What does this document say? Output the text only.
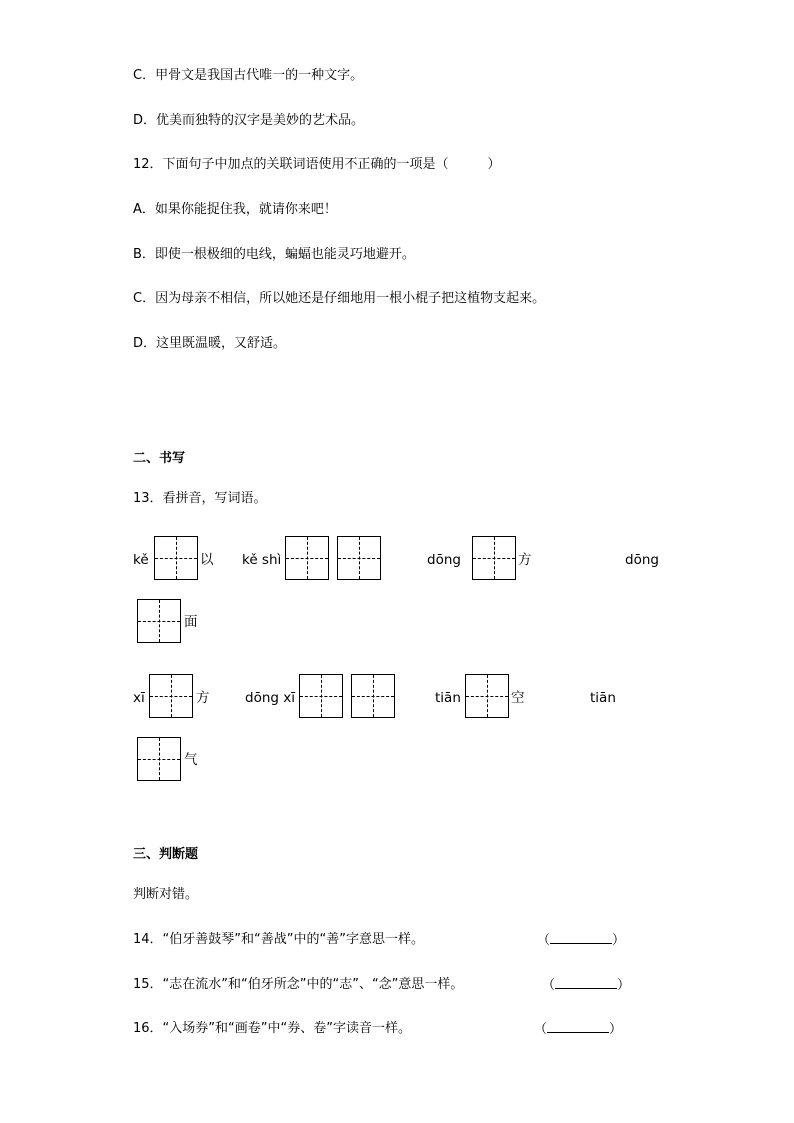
C．甲骨文是我国古代唯一的一种文字。
D．优美而独特的汉字是美妙的艺术品。
12．下面句子中加点的关联词语使用不正确的一项是（　　　）
A．如果你能捉住我，就请你来吧！
B．即使一根极细的电线，蝙蝠也能灵巧地避开。
C．因为母亲不相信，所以她还是仔细地用一根小棍子把这植物支起来。
D．这里既温暖，又舒适。
二、书写
13．看拼音，写词语。
kě	以 kě shì	dōng	方	dōng
面
xī	方	dōng xī	tiān	空	tiān
气
三、判断题
判断对错。
14．“伯牙善鼓琴”和“善战”中的“善”字意思一样。	（	）
15．“志在流水”和“伯牙所念”中的“志”、“念”意思一样。	（	）
16．“入场券”和“画卷”中“券、卷”字读音一样。	（	）
